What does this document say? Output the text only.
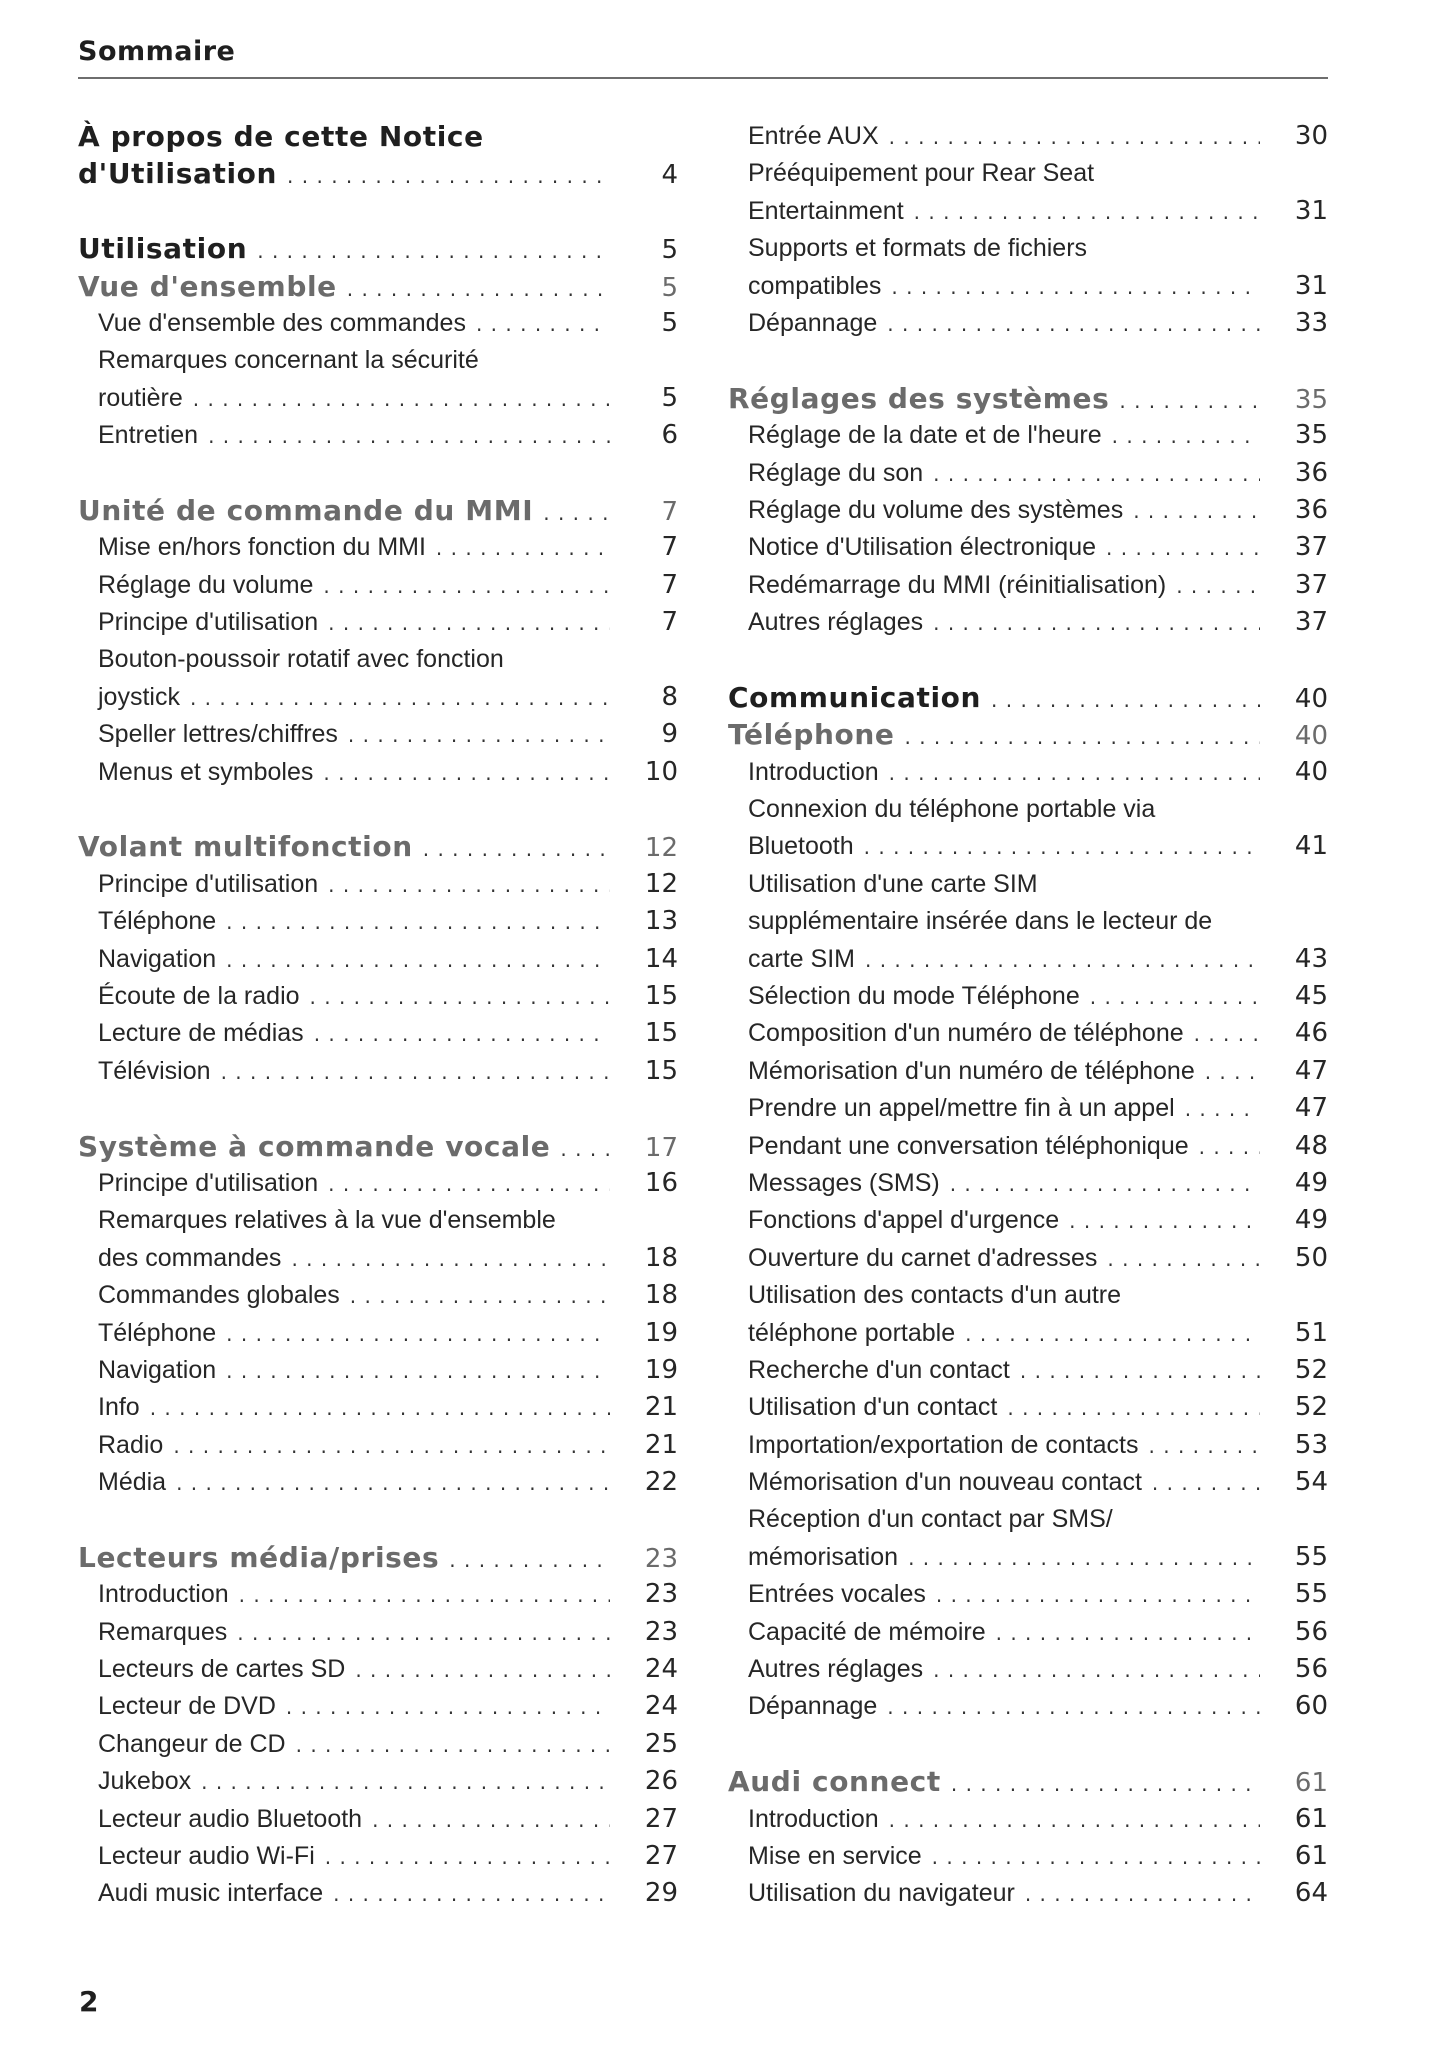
Sommaire
À propos de cette Notice
d'Utilisation . . .	4
Utilisation . . .	5
Vue d'ensemble . . .	5
Vue d'ensemble des commandes . . .	5
Remarques concernant la sécurité
routière . . .	5
Entretien . . .	6
Unité de commande du MMI . . .	7
Mise en/hors fonction du MMI . . .	7
Réglage du volume . . .	7
Principe d'utilisation . . .	7
Bouton-poussoir rotatif avec fonction
joystick . . .	8
Speller lettres/chiffres . . .	9
Menus et symboles . . .	10
Volant multifonction . . .	12
Principe d'utilisation . . .	12
Téléphone . . .	13
Navigation . . .	14
Écoute de la radio . . .	15
Lecture de médias . . .	15
Télévision . . .	15
Système à commande vocale . . .	17
Principe d'utilisation . . .	16
Remarques relatives à la vue d'ensemble
des commandes . . .	18
Commandes globales . . .	18
Téléphone . . .	19
Navigation . . .	19
Info . . .	21
Radio . . .	21
Média . . .	22
Lecteurs média/prises . . .	23
Introduction . . .	23
Remarques . . .	23
Lecteurs de cartes SD . . .	24
Lecteur de DVD . . .	24
Changeur de CD . . .	25
Jukebox . . .	26
Lecteur audio Bluetooth . . .	27
Lecteur audio Wi-Fi . . .	27
Audi music interface . . .	29
Entrée AUX . . .	30
Prééquipement pour Rear Seat
Entertainment . . .	31
Supports et formats de fichiers
compatibles . . .	31
Dépannage . . .	33
Réglages des systèmes . . .	35
Réglage de la date et de l'heure . . .	35
Réglage du son . . .	36
Réglage du volume des systèmes . . .	36
Notice d'Utilisation électronique . . .	37
Redémarrage du MMI (réinitialisation) . . .	37
Autres réglages . . .	37
Communication . . .	40
Téléphone . . .	40
Introduction . . .	40
Connexion du téléphone portable via
Bluetooth . . .	41
Utilisation d'une carte SIM
supplémentaire insérée dans le lecteur de
carte SIM . . .	43
Sélection du mode Téléphone . . .	45
Composition d'un numéro de téléphone . . .	46
Mémorisation d'un numéro de téléphone . . .	47
Prendre un appel/mettre fin à un appel . . .	47
Pendant une conversation téléphonique . . .	48
Messages (SMS) . . .	49
Fonctions d'appel d'urgence . . .	49
Ouverture du carnet d'adresses . . .	50
Utilisation des contacts d'un autre
téléphone portable . . .	51
Recherche d'un contact . . .	52
Utilisation d'un contact . . .	52
Importation/exportation de contacts . . .	53
Mémorisation d'un nouveau contact . . .	54
Réception d'un contact par SMS/
mémorisation . . .	55
Entrées vocales . . .	55
Capacité de mémoire . . .	56
Autres réglages . . .	56
Dépannage . . .	60
Audi connect . . .	61
Introduction . . .	61
Mise en service . . .	61
Utilisation du navigateur . . .	64
2
